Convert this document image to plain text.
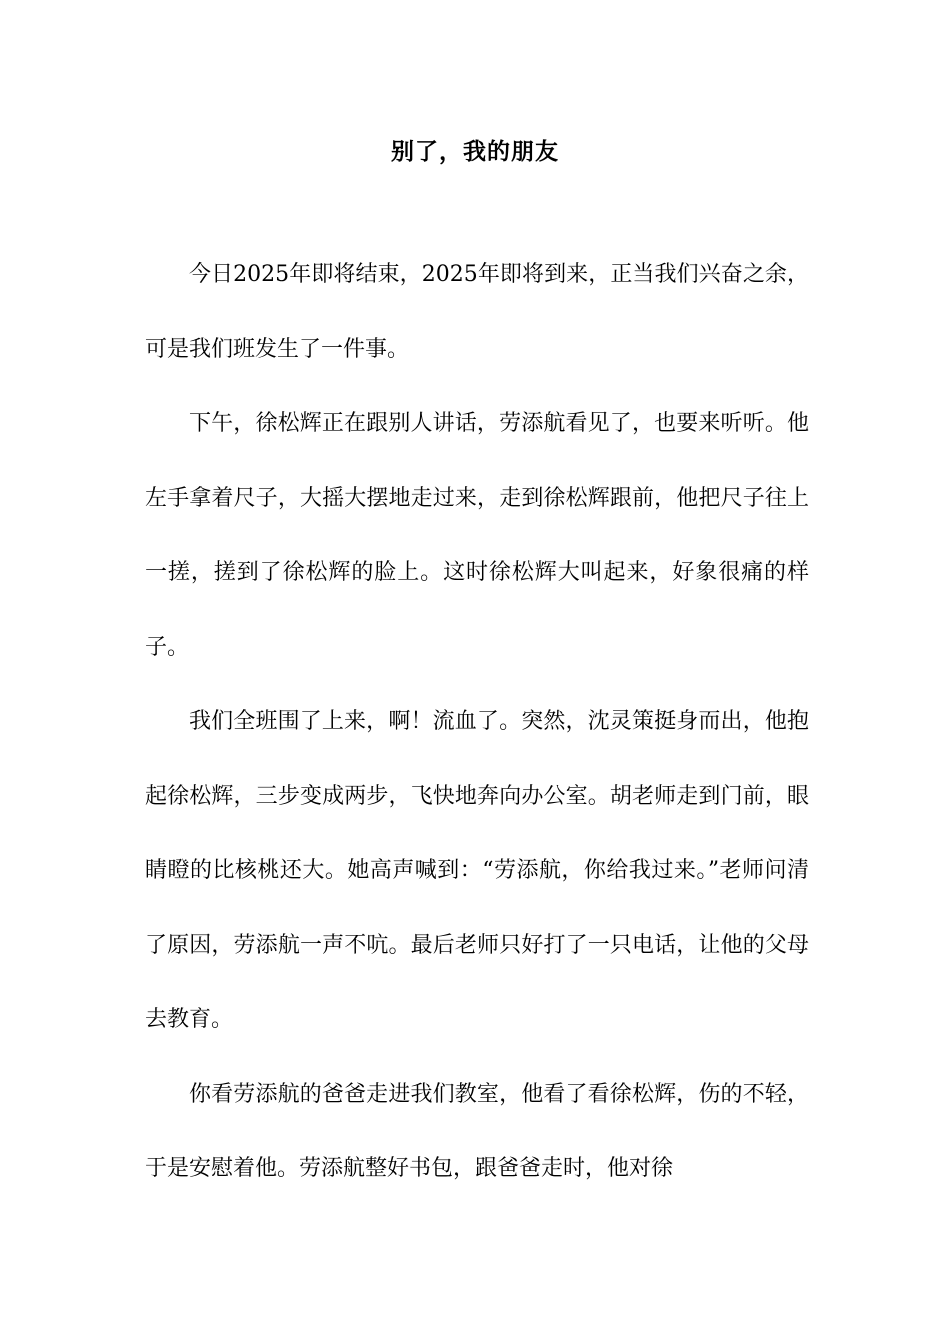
别了，我的朋友

今日2025年即将结束，2025年即将到来，正当我们兴奋之余，可是我们班发生了一件事。

下午，徐松辉正在跟别人讲话，劳添航看见了，也要来听听。他左手拿着尺子，大摇大摆地走过来，走到徐松辉跟前，他把尺子往上一搓，搓到了徐松辉的脸上。这时徐松辉大叫起来，好象很痛的样子。

我们全班围了上来，啊！流血了。突然，沈灵策挺身而出，他抱起徐松辉，三步变成两步，飞快地奔向办公室。胡老师走到门前，眼睛瞪的比核桃还大。她高声喊到：“劳添航，你给我过来。”老师问清了原因，劳添航一声不吭。最后老师只好打了一只电话，让他的父母去教育。

你看劳添航的爸爸走进我们教室，他看了看徐松辉，伤的不轻，于是安慰着他。劳添航整好书包，跟爸爸走时，他对徐
